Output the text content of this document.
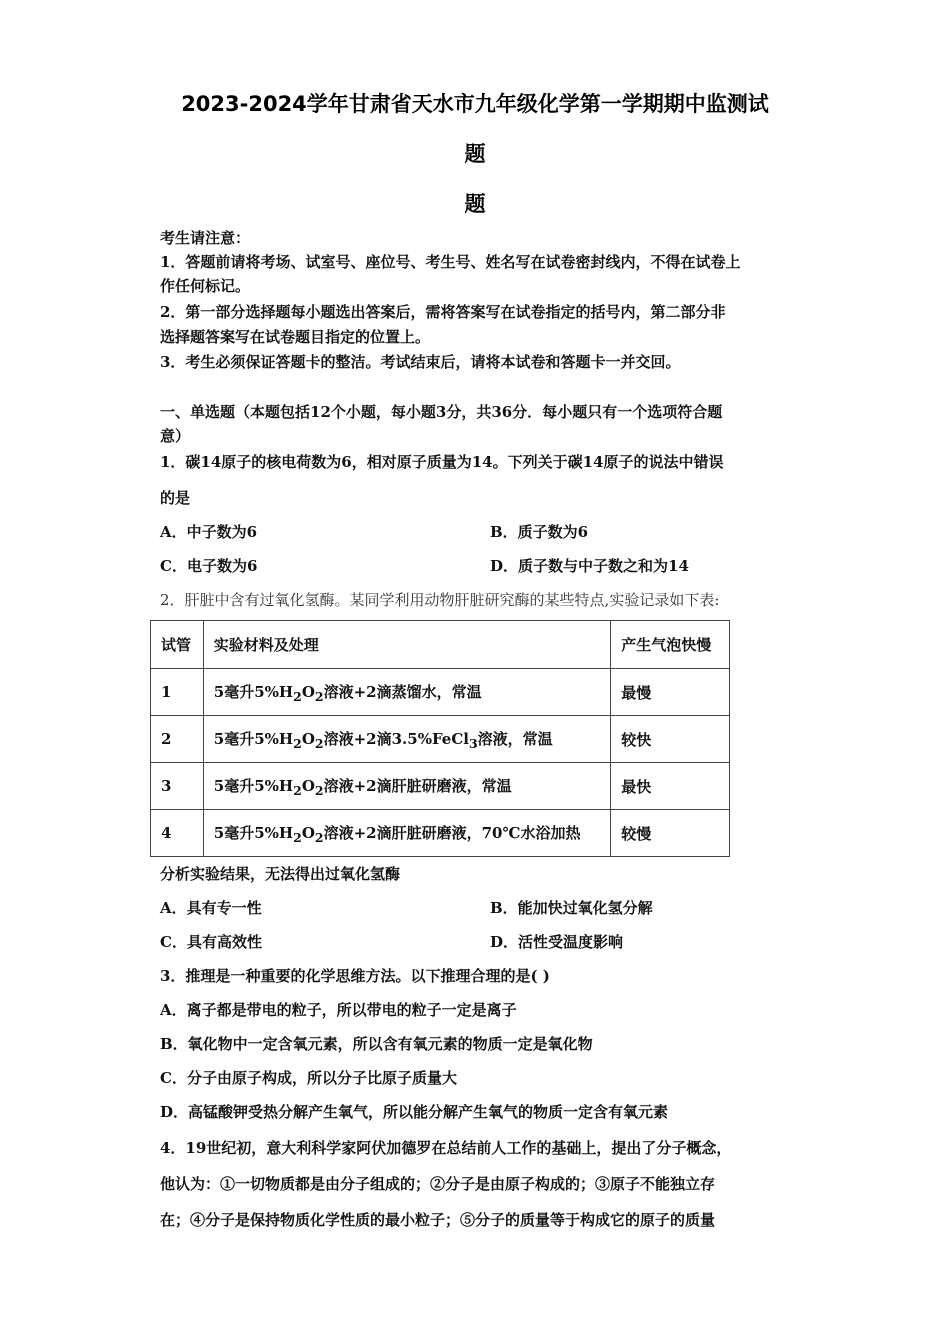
2023-2024学年甘肃省天水市九年级化学第一学期期中监测试
题
题
考生请注意：
1．答题前请将考场、试室号、座位号、考生号、姓名写在试卷密封线内，不得在试卷上
作任何标记。
2．第一部分选择题每小题选出答案后，需将答案写在试卷指定的括号内，第二部分非
选择题答案写在试卷题目指定的位置上。
3．考生必须保证答题卡的整洁。考试结束后，请将本试卷和答题卡一并交回。
一、单选题（本题包括12个小题，每小题3分，共36分．每小题只有一个选项符合题
意）
1．碳14原子的核电荷数为6，相对原子质量为14。下列关于碳14原子的说法中错误
的是
A．中子数为6	B．质子数为6
C．电子数为6	D．质子数与中子数之和为14
2．肝脏中含有过氧化氢酶。某同学利用动物肝脏研究酶的某些特点,实验记录如下表:
试管	实验材料及处理	产生气泡快慢
1	5毫升$5\%H_2O_2$溶液+2滴蒸馏水，常温	最慢
2	5毫升$5\%H_2O_2$溶液+2滴3.5%FeCl$_3$溶液，常温	较快
3	5毫升$5\%H_2O_2$溶液+2滴肝脏研磨液，常温	最快
4	5毫升$5\%H_2O_2$溶液+2滴肝脏研磨液，70℃水浴加热	较慢
分析实验结果，无法得出过氧化氢酶
A．具有专一性	B．能加快过氧化氢分解
C．具有高效性	D．活性受温度影响
3．推理是一种重要的化学思维方法。以下推理合理的是( )
A．离子都是带电的粒子，所以带电的粒子一定是离子
B．氧化物中一定含氧元素，所以含有氧元素的物质一定是氧化物
C．分子由原子构成，所以分子比原子质量大
D．高锰酸钾受热分解产生氧气，所以能分解产生氧气的物质一定含有氧元素
4．19世纪初，意大利科学家阿伏加德罗在总结前人工作的基础上，提出了分子概念，
他认为：①一切物质都是由分子组成的；②分子是由原子构成的；③原子不能独立存
在；④分子是保持物质化学性质的最小粒子；⑤分子的质量等于构成它的原子的质量
